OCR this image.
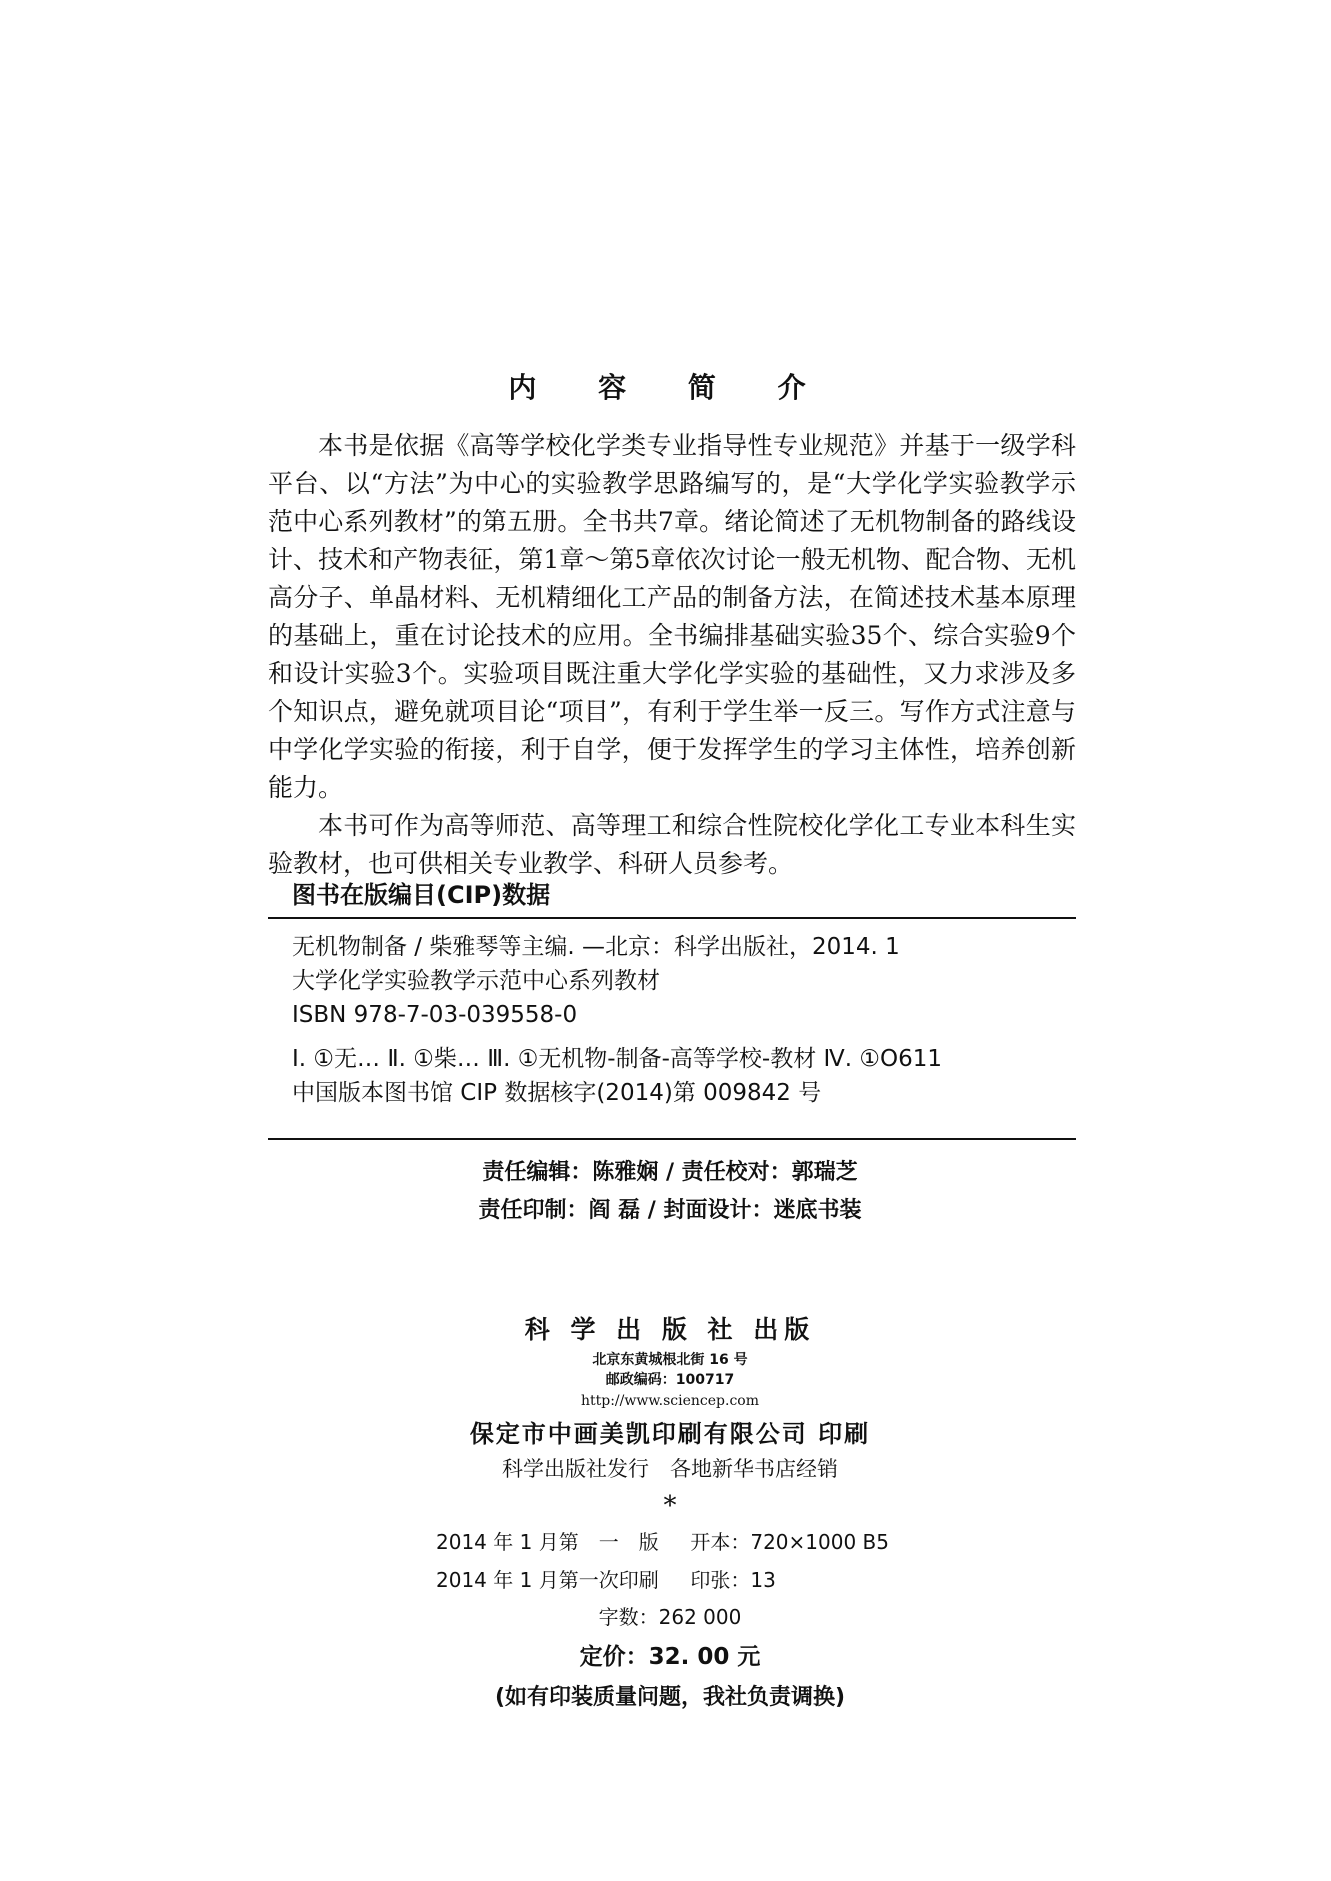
内 容 简 介

本书是依据《高等学校化学类专业指导性专业规范》并基于一级学科平台、以“方法”为中心的实验教学思路编写的，是“大学化学实验教学示范中心系列教材”的第五册。全书共7章。绪论简述了无机物制备的路线设计、技术和产物表征，第1章～第5章依次讨论一般无机物、配合物、无机高分子、单晶材料、无机精细化工产品的制备方法，在简述技术基本原理的基础上，重在讨论技术的应用。全书编排基础实验35个、综合实验9个和设计实验3个。实验项目既注重大学化学实验的基础性，又力求涉及多个知识点，避免就项目论“项目”，有利于学生举一反三。写作方式注意与中学化学实验的衔接，利于自学，便于发挥学生的学习主体性，培养创新能力。

本书可作为高等师范、高等理工和综合性院校化学化工专业本科生实验教材，也可供相关专业教学、科研人员参考。

图书在版编目(CIP)数据
无机物制备 / 柴雅琴等主编. —北京：科学出版社，2014. 1
大学化学实验教学示范中心系列教材
ISBN 978-7-03-039558-0
Ⅰ. ①无… Ⅱ. ①柴… Ⅲ. ①无机物-制备-高等学校-教材 Ⅳ. ①O611
中国版本图书馆 CIP 数据核字(2014)第 009842 号
责任编辑：陈雅娴 / 责任校对：郭瑞芝
责任印制：阎 磊 / 封面设计：迷底书装
科 学 出 版 社 出版
北京东黄城根北街 16 号
邮政编码：100717
http://www.sciencep.com
保定市中画美凯印刷有限公司 印刷
科学出版社发行　各地新华书店经销
*
2014 年 1 月第　一　版 开本：720×1000 B5
2014 年 1 月第一次印刷 印张：13
字数：262 000
定价：32. 00 元
(如有印装质量问题，我社负责调换)
